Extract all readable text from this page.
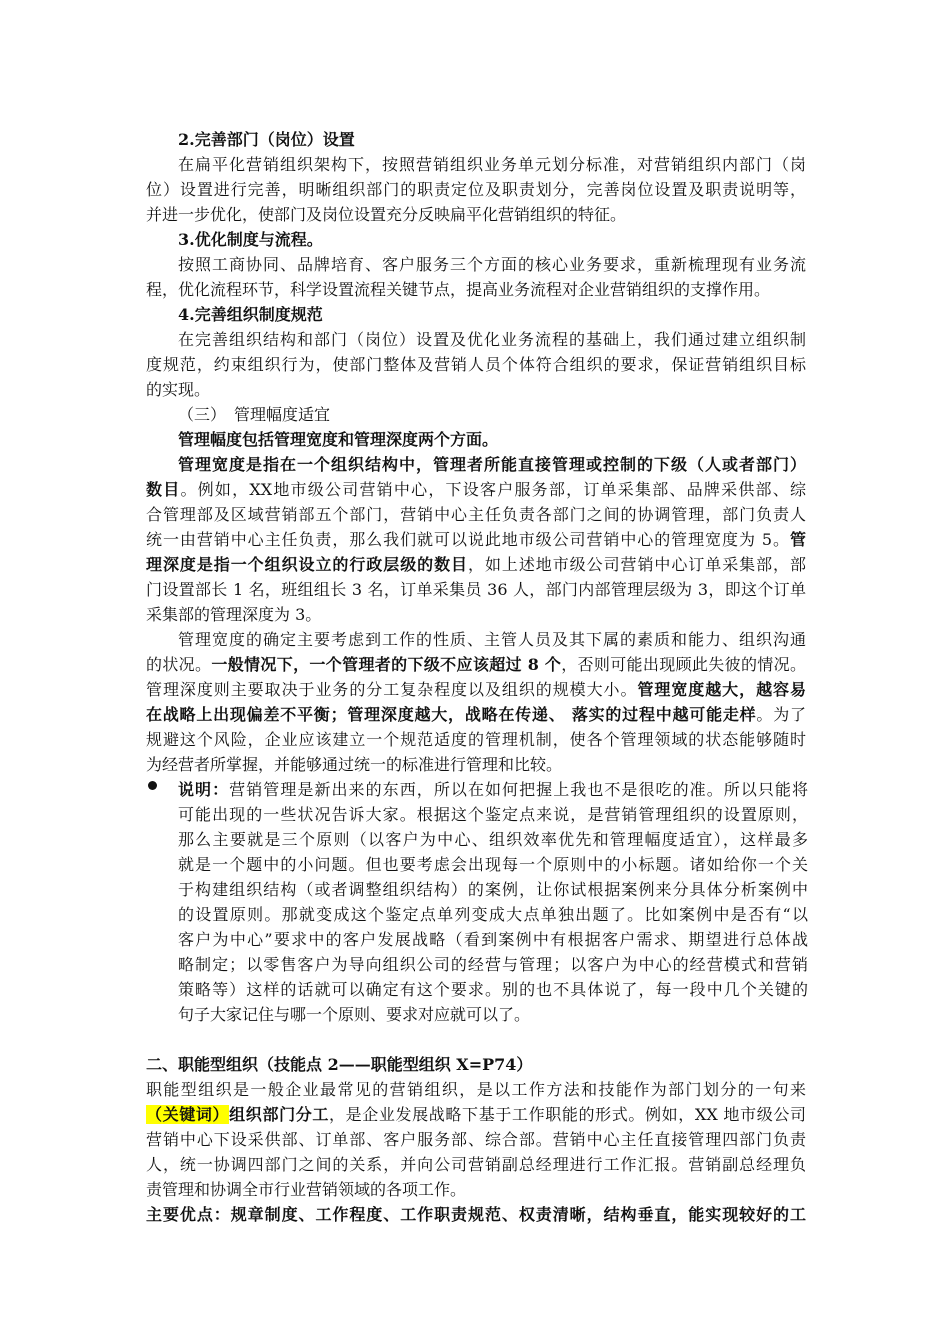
2.完善部门（岗位）设置
在扁平化营销组织架构下，按照营销组织业务单元划分标准，对营销组织内部门（岗
位）设置进行完善，明晰组织部门的职责定位及职责划分，完善岗位设置及职责说明等，
并进一步优化，使部门及岗位设置充分反映扁平化营销组织的特征。
3.优化制度与流程。
按照工商协同、品牌培育、客户服务三个方面的核心业务要求，重新梳理现有业务流
程，优化流程环节，科学设置流程关键节点，提高业务流程对企业营销组织的支撑作用。
4.完善组织制度规范
在完善组织结构和部门（岗位）设置及优化业务流程的基础上，我们通过建立组织制
度规范，约束组织行为，使部门整体及营销人员个体符合组织的要求，保证营销组织目标
的实现。
（三）　管理幅度适宜
管理幅度包括管理宽度和管理深度两个方面。
管理宽度是指在一个组织结构中，管理者所能直接管理或控制的下级（人或者部门）
数目。例如，XX地市级公司营销中心，下设客户服务部，订单采集部、品牌采供部、综
合管理部及区域营销部五个部门，营销中心主任负责各部门之间的协调管理，部门负责人
统一由营销中心主任负责，那么我们就可以说此地市级公司营销中心的管理宽度为 5。管
理深度是指一个组织设立的行政层级的数目，如上述地市级公司营销中心订单采集部，部
门设置部长 1 名，班组组长 3 名，订单采集员 36 人，部门内部管理层级为 3，即这个订单
采集部的管理深度为 3。
管理宽度的确定主要考虑到工作的性质、主管人员及其下属的素质和能力、组织沟通
的状况。一般情况下，一个管理者的下级不应该超过 8 个，否则可能出现顾此失彼的情况。
管理深度则主要取决于业务的分工复杂程度以及组织的规模大小。管理宽度越大，越容易
在战略上出现偏差不平衡；管理深度越大，战略在传递、 落实的过程中越可能走样。为了
规避这个风险，企业应该建立一个规范适度的管理机制，使各个管理领域的状态能够随时
为经营者所掌握，并能够通过统一的标准进行管理和比较。
说明：营销管理是新出来的东西，所以在如何把握上我也不是很吃的准。所以只能将
可能出现的一些状况告诉大家。根据这个鉴定点来说，是营销管理组织的设置原则，
那么主要就是三个原则（以客户为中心、组织效率优先和管理幅度适宜），这样最多
就是一个题中的小问题。但也要考虑会出现每一个原则中的小标题。诸如给你一个关
于构建组织结构（或者调整组织结构）的案例，让你试根据案例来分具体分析案例中
的设置原则。那就变成这个鉴定点单列变成大点单独出题了。比如案例中是否有“以
客户为中心”要求中的客户发展战略（看到案例中有根据客户需求、期望进行总体战
略制定；以零售客户为导向组织公司的经营与管理；以客户为中心的经营模式和营销
策略等）这样的话就可以确定有这个要求。别的也不具体说了，每一段中几个关键的
句子大家记住与哪一个原则、要求对应就可以了。
二、职能型组织（技能点 2——职能型组织 X=P74）
职能型组织是一般企业最常见的营销组织，是以工作方法和技能作为部门划分的一句来
（关键词）组织部门分工，是企业发展战略下基于工作职能的形式。例如，XX 地市级公司
营销中心下设采供部、订单部、客户服务部、综合部。营销中心主任直接管理四部门负责
人，统一协调四部门之间的关系，并向公司营销副总经理进行工作汇报。营销副总经理负
责管理和协调全市行业营销领域的各项工作。
主要优点：规章制度、工作程度、工作职责规范、权责清晰，结构垂直，能实现较好的工
